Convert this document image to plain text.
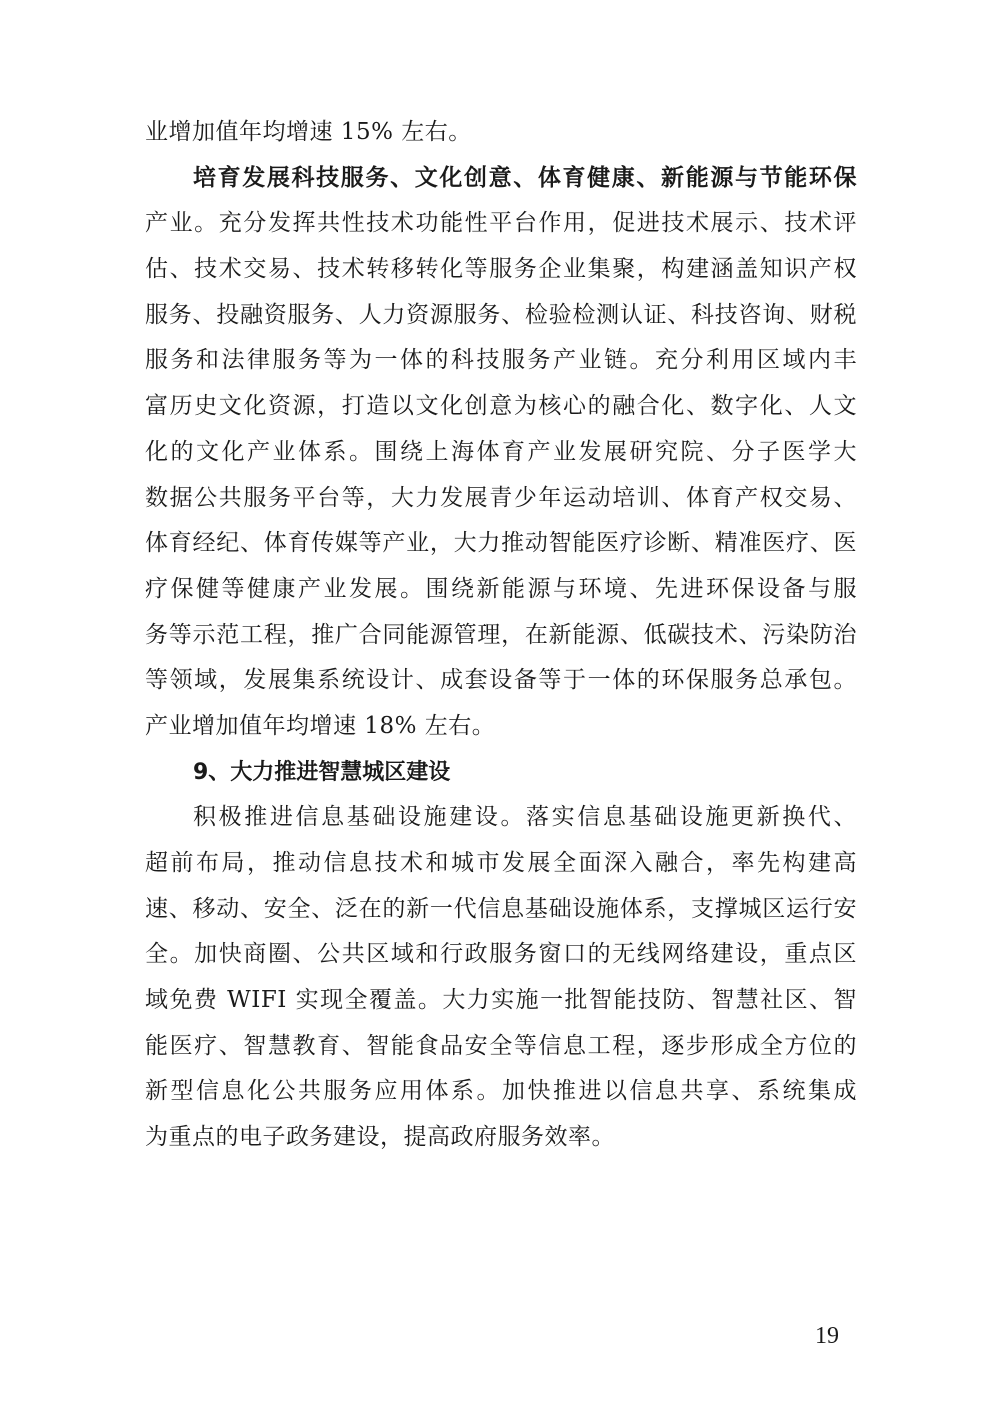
业增加值年均增速 15% 左右。
培育发展科技服务、文化创意、体育健康、新能源与节能环保
产业。充分发挥共性技术功能性平台作用，促进技术展示、技术评
估、技术交易、技术转移转化等服务企业集聚，构建涵盖知识产权
服务、投融资服务、人力资源服务、检验检测认证、科技咨询、财税
服务和法律服务等为一体的科技服务产业链。充分利用区域内丰
富历史文化资源，打造以文化创意为核心的融合化、数字化、人文
化的文化产业体系。围绕上海体育产业发展研究院、分子医学大
数据公共服务平台等，大力发展青少年运动培训、体育产权交易、
体育经纪、体育传媒等产业，大力推动智能医疗诊断、精准医疗、医
疗保健等健康产业发展。围绕新能源与环境、先进环保设备与服
务等示范工程，推广合同能源管理，在新能源、低碳技术、污染防治
等领域，发展集系统设计、成套设备等于一体的环保服务总承包。
产业增加值年均增速 18% 左右。
9、大力推进智慧城区建设
积极推进信息基础设施建设。落实信息基础设施更新换代、
超前布局，推动信息技术和城市发展全面深入融合，率先构建高
速、移动、安全、泛在的新一代信息基础设施体系，支撑城区运行安
全。加快商圈、公共区域和行政服务窗口的无线网络建设，重点区
域免费 WIFI 实现全覆盖。大力实施一批智能技防、智慧社区、智
能医疗、智慧教育、智能食品安全等信息工程，逐步形成全方位的
新型信息化公共服务应用体系。加快推进以信息共享、系统集成
为重点的电子政务建设，提高政府服务效率。
19
